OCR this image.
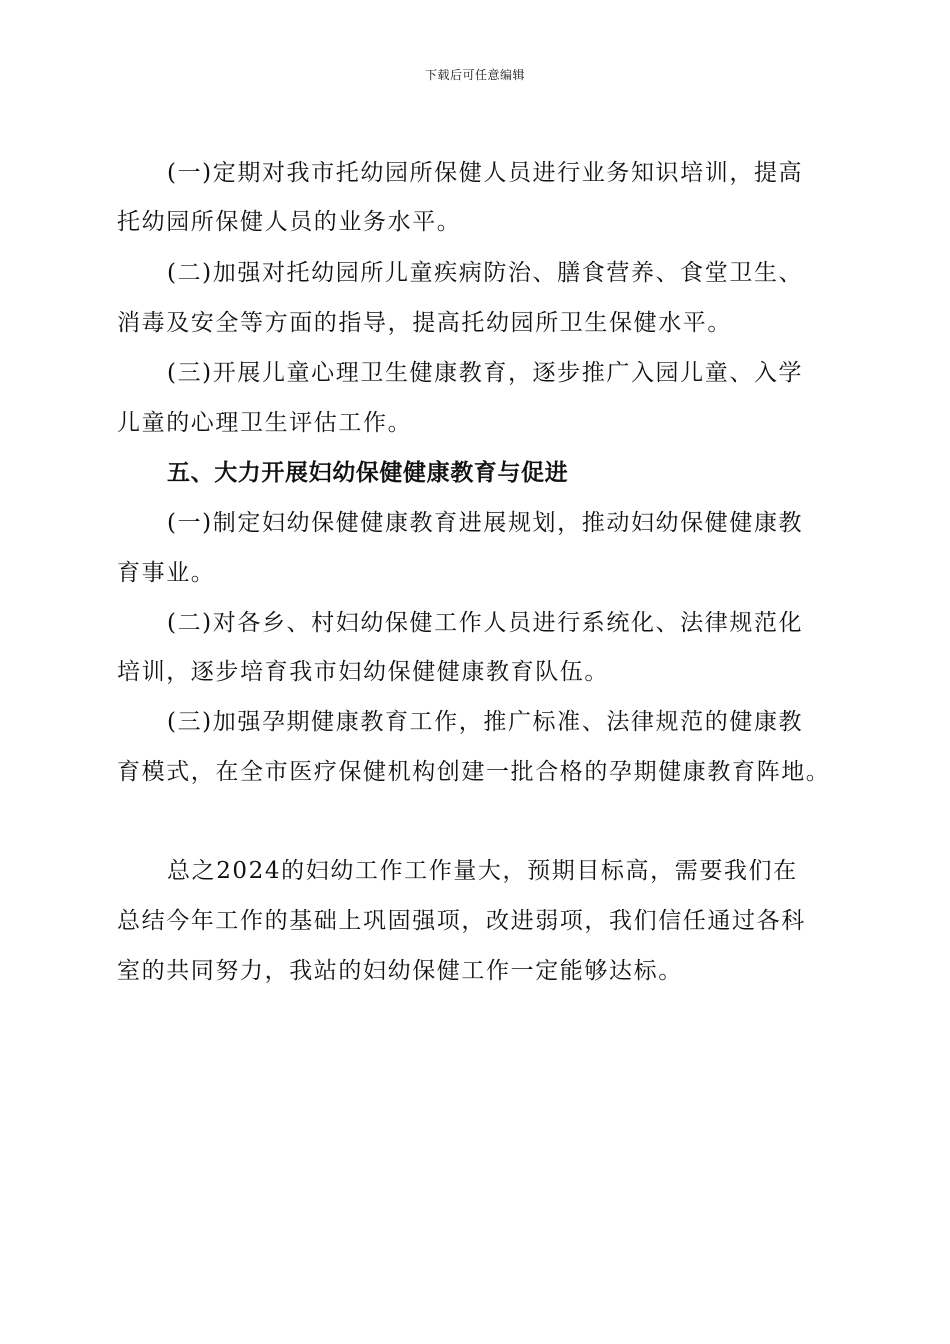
下载后可任意编辑
(一)定期对我市托幼园所保健人员进行业务知识培训，提高
托幼园所保健人员的业务水平。
(二)加强对托幼园所儿童疾病防治、膳食营养、食堂卫生、
消毒及安全等方面的指导，提高托幼园所卫生保健水平。
(三)开展儿童心理卫生健康教育，逐步推广入园儿童、入学
儿童的心理卫生评估工作。
五、大力开展妇幼保健健康教育与促进
(一)制定妇幼保健健康教育进展规划，推动妇幼保健健康教
育事业。
(二)对各乡、村妇幼保健工作人员进行系统化、法律规范化
培训，逐步培育我市妇幼保健健康教育队伍。
(三)加强孕期健康教育工作，推广标准、法律规范的健康教
育模式，在全市医疗保健机构创建一批合格的孕期健康教育阵地。
总之2024的妇幼工作工作量大，预期目标高，需要我们在
总结今年工作的基础上巩固强项，改进弱项，我们信任通过各科
室的共同努力，我站的妇幼保健工作一定能够达标。
